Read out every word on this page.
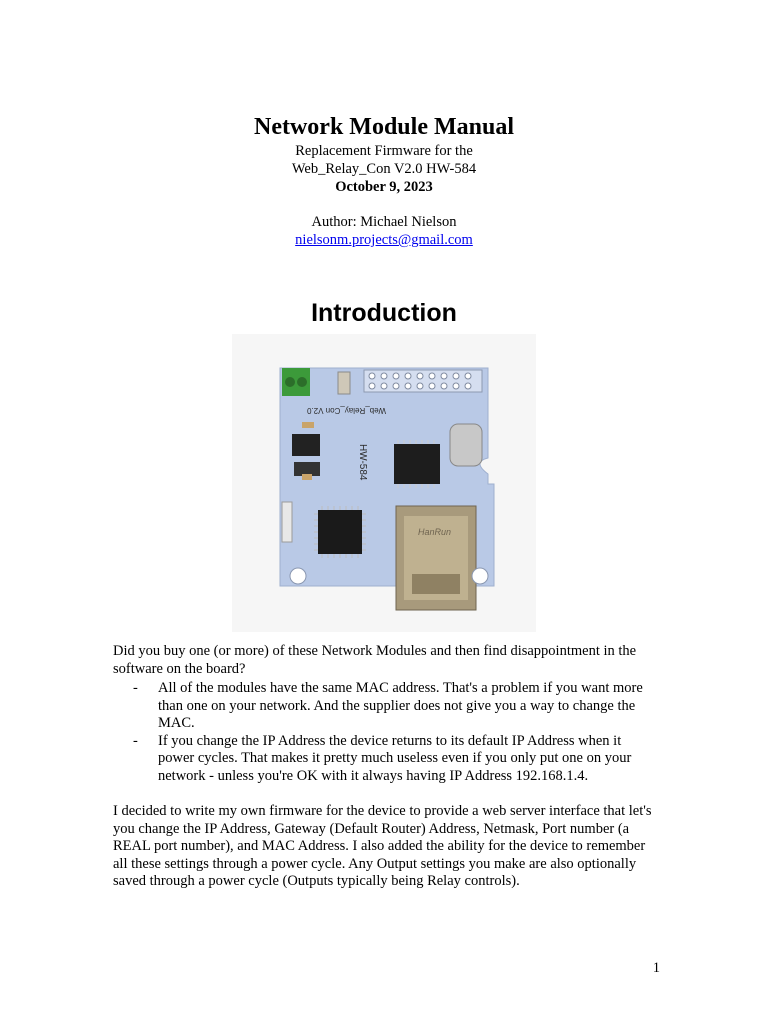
Network Module Manual
Replacement Firmware for the
Web_Relay_Con V2.0 HW-584
October 9, 2023
Author: Michael Nielson
nielsonm.projects@gmail.com
Introduction
HW-584
Web_Relay_Con V2.0
HanRun
Did you buy one (or more) of these Network Modules and then find disappointment in the software on the board?
- All of the modules have the same MAC address. That's a problem if you want more than one on your network. And the supplier does not give you a way to change the MAC.
- If you change the IP Address the device returns to its default IP Address when it power cycles. That makes it pretty much useless even if you only put one on your network - unless you're OK with it always having IP Address 192.168.1.4.
I decided to write my own firmware for the device to provide a web server interface that let's you change the IP Address, Gateway (Default Router) Address, Netmask, Port number (a REAL port number), and MAC Address. I also added the ability for the device to remember all these settings through a power cycle. Any Output settings you make are also optionally saved through a power cycle (Outputs typically being Relay controls).
1
